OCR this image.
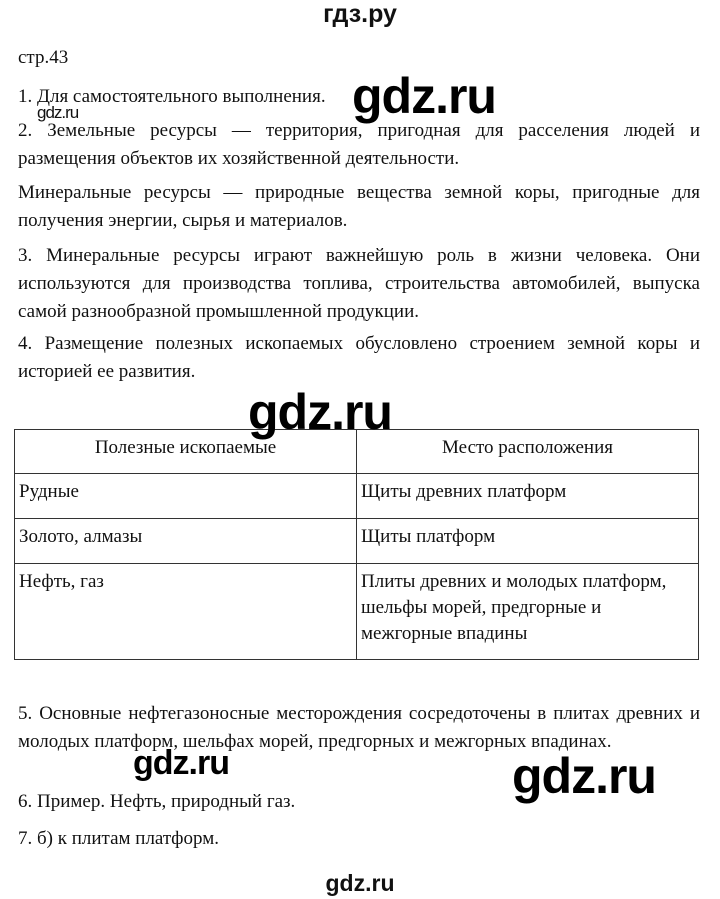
гдз.ру
стр.43
1. Для самостоятельного выполнения. gdz.ru
gdz.ru
2. Земельные ресурсы — территория, пригодная для расселения людей и размещения объектов их хозяйственной деятельности.
Минеральные ресурсы — природные вещества земной коры, пригодные для получения энергии, сырья и материалов.
3. Минеральные ресурсы играют важнейшую роль в жизни человека. Они используются для производства топлива, строительства автомобилей, выпуска самой разнообразной промышленной продукции.
4. Размещение полезных ископаемых обусловлено строением земной коры и историей ее развития.
Полезные ископаемые	Место расположения
Рудные	Щиты древних платформ
Золото, алмазы	Щиты платформ
Нефть, газ	Плиты древних и молодых платформ, шельфы морей, предгорные и межгорные впадины
gdz.ru
5. Основные нефтегазоносные месторождения сосредоточены в плитах древних и молодых платформ, шельфах морей, предгорных и межгорных впадинах.
gdz.ru	gdz.ru
6. Пример. Нефть, природный газ.
7. б) к плитам платформ.
gdz.ru
